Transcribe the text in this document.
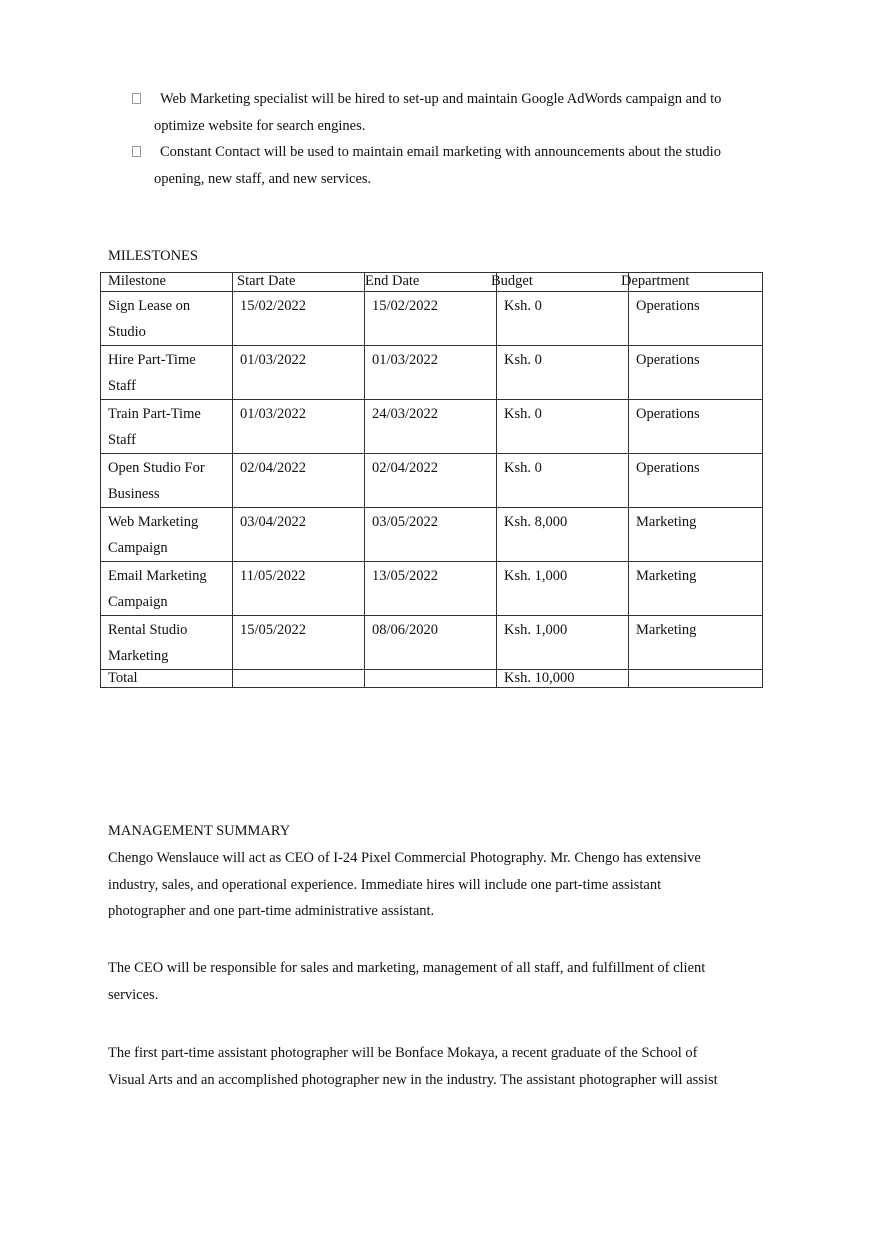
Web Marketing specialist will be hired to set-up and maintain Google AdWords campaign and to
optimize website for search engines.
Constant Contact will be used to maintain email marketing with announcements about the studio
opening, new staff, and new services.
MILESTONES
Milestone	Start Date	End Date	Budget	Department

Sign Lease on
Studio	15/02/2022	15/02/2022	Ksh. 0	Operations

Hire Part-Time
Staff	01/03/2022	01/03/2022	Ksh. 0	Operations

Train Part-Time
Staff	01/03/2022	24/03/2022	Ksh. 0	Operations

Open Studio For
Business	02/04/2022	02/04/2022	Ksh. 0	Operations

Web Marketing
Campaign	03/04/2022	03/05/2022	Ksh. 8,000	Marketing

Email Marketing
Campaign	11/05/2022	13/05/2022	Ksh. 1,000	Marketing

Rental Studio
Marketing	15/05/2022	08/06/2020	Ksh. 1,000	Marketing
Total			Ksh. 10,000	
MANAGEMENT SUMMARY
Chengo Wenslauce will act as CEO of I-24 Pixel Commercial Photography. Mr. Chengo has extensive
industry, sales, and operational experience. Immediate hires will include one part-time assistant
photographer and one part-time administrative assistant.
The CEO will be responsible for sales and marketing, management of all staff, and fulfillment of client
services.
The first part-time assistant photographer will be Bonface Mokaya, a recent graduate of the School of
Visual Arts and an accomplished photographer new in the industry. The assistant photographer will assist
